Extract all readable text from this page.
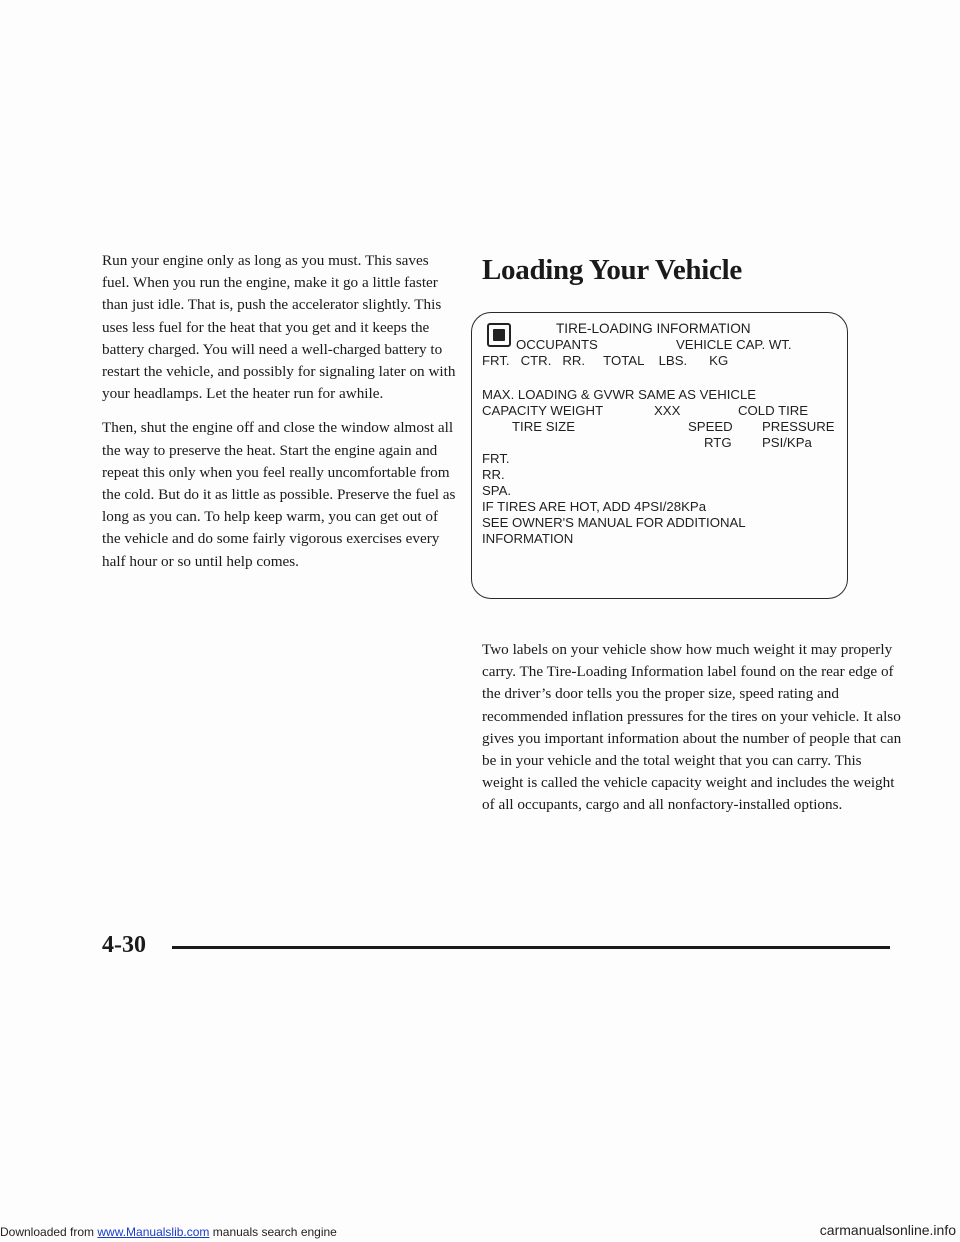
Run your engine only as long as you must. This saves fuel. When you run the engine, make it go a little faster than just idle. That is, push the accelerator slightly. This uses less fuel for the heat that you get and it keeps the battery charged. You will need a well-charged battery to restart the vehicle, and possibly for signaling later on with your headlamps. Let the heater run for awhile.

Then, shut the engine off and close the window almost all the way to preserve the heat. Start the engine again and repeat this only when you feel really uncomfortable from the cold. But do it as little as possible. Preserve the fuel as long as you can. To help keep warm, you can get out of the vehicle and do some fairly vigorous exercises every half hour or so until help comes.

Loading Your Vehicle
TIRE-LOADING INFORMATION
OCCUPANTS	VEHICLE CAP. WT.
FRT.   CTR.   RR.     TOTAL    LBS.      KG
MAX. LOADING & GVWR SAME AS VEHICLE
CAPACITY WEIGHT	XXX	COLD TIRE
TIRE SIZE	SPEED PRESSURE
RTG PSI/KPa
FRT.
RR.
SPA.
IF TIRES ARE HOT, ADD 4PSI/28KPa
SEE OWNER'S MANUAL FOR ADDITIONAL
INFORMATION

Two labels on your vehicle show how much weight it may properly carry. The Tire-Loading Information label found on the rear edge of the driver’s door tells you the proper size, speed rating and recommended inflation pressures for the tires on your vehicle. It also gives you important information about the number of people that can be in your vehicle and the total weight that you can carry. This weight is called the vehicle capacity weight and includes the weight of all occupants, cargo and all nonfactory-installed options.

4-30
Downloaded from www.Manualslib.com manuals search engine	carmanualsonline.info
